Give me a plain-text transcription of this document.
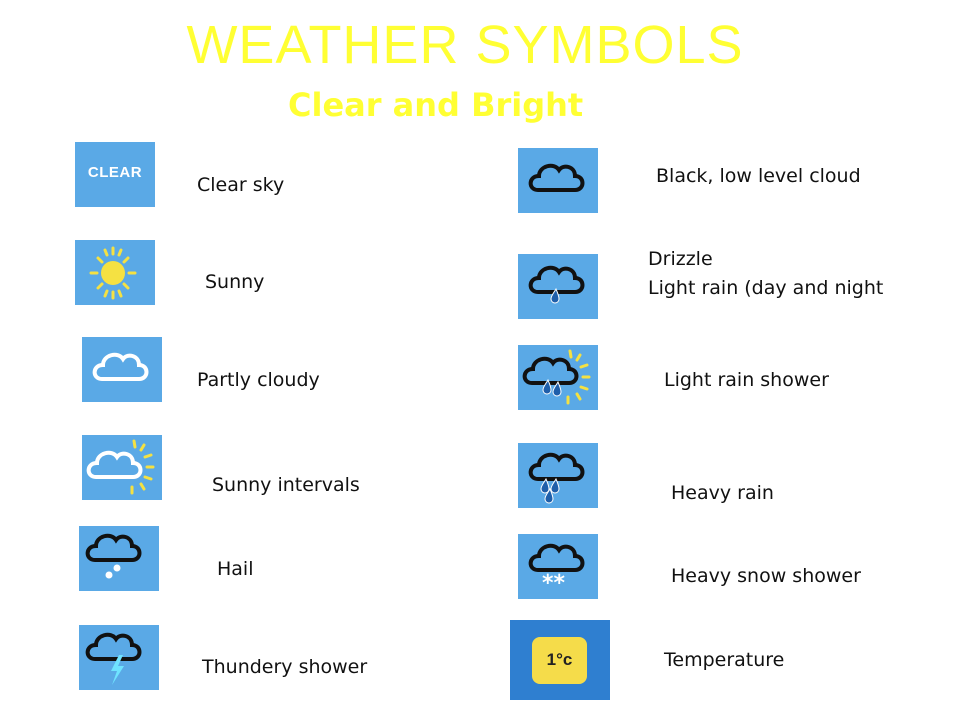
WEATHER SYMBOLS
Clear and Bright
CLEAR
Clear sky
Sunny
Partly cloudy
Sunny intervals
Hail
Thundery shower
Black, low level cloud
Drizzle
Light rain (day and night
Light rain shower
Heavy rain
**	Heavy snow shower
1°c	Temperature
